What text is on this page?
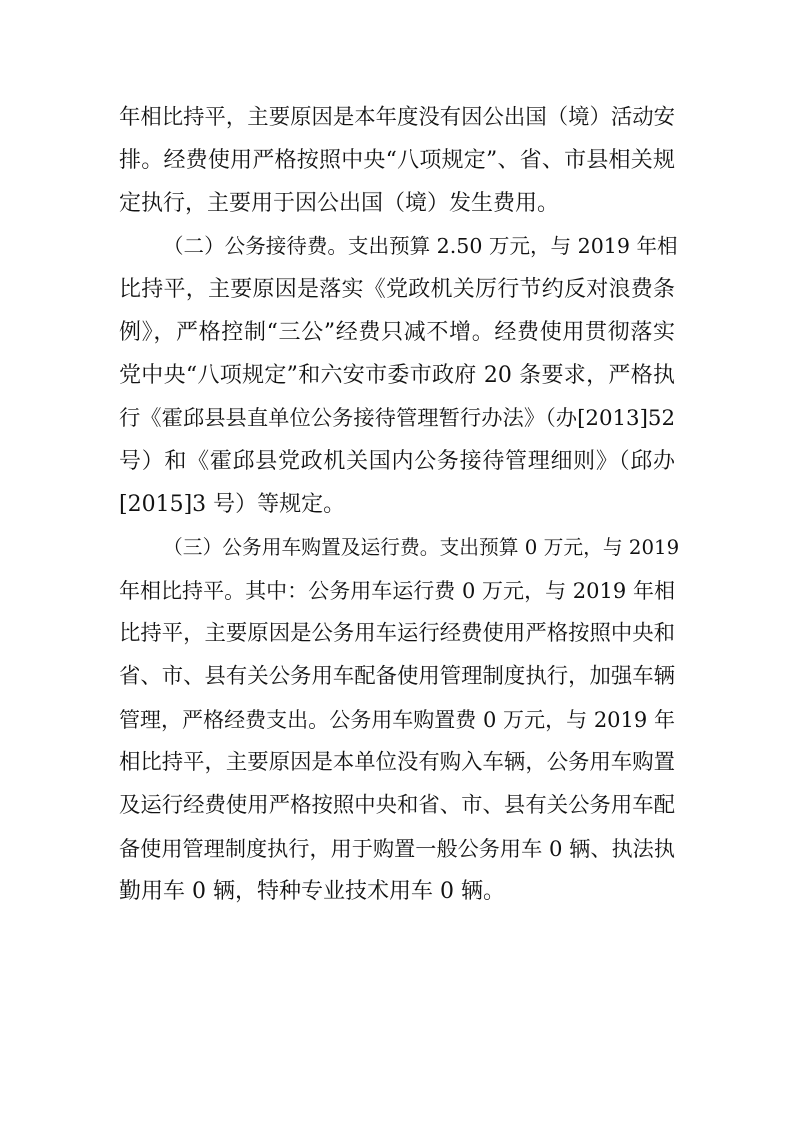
年相比持平，主要原因是本年度没有因公出国（境）活动安
排。经费使用严格按照中央“八项规定”、省、市县相关规
定执行，主要用于因公出国（境）发生费用。
（二）公务接待费。支出预算 2.50 万元，与 2019 年相
比持平，主要原因是落实《党政机关厉行节约反对浪费条
例》，严格控制“三公”经费只减不增。经费使用贯彻落实
党中央“八项规定”和六安市委市政府 20 条要求，严格执
行《霍邱县县直单位公务接待管理暂行办法》（办[2013]52
号）和《霍邱县党政机关国内公务接待管理细则》（邱办
[2015]3 号）等规定。
（三）公务用车购置及运行费。支出预算 0 万元，与 2019
年相比持平。其中：公务用车运行费 0 万元，与 2019 年相
比持平，主要原因是公务用车运行经费使用严格按照中央和
省、市、县有关公务用车配备使用管理制度执行，加强车辆
管理，严格经费支出。公务用车购置费 0 万元，与 2019 年
相比持平，主要原因是本单位没有购入车辆，公务用车购置
及运行经费使用严格按照中央和省、市、县有关公务用车配
备使用管理制度执行，用于购置一般公务用车 0 辆、执法执
勤用车 0 辆，特种专业技术用车 0 辆。
